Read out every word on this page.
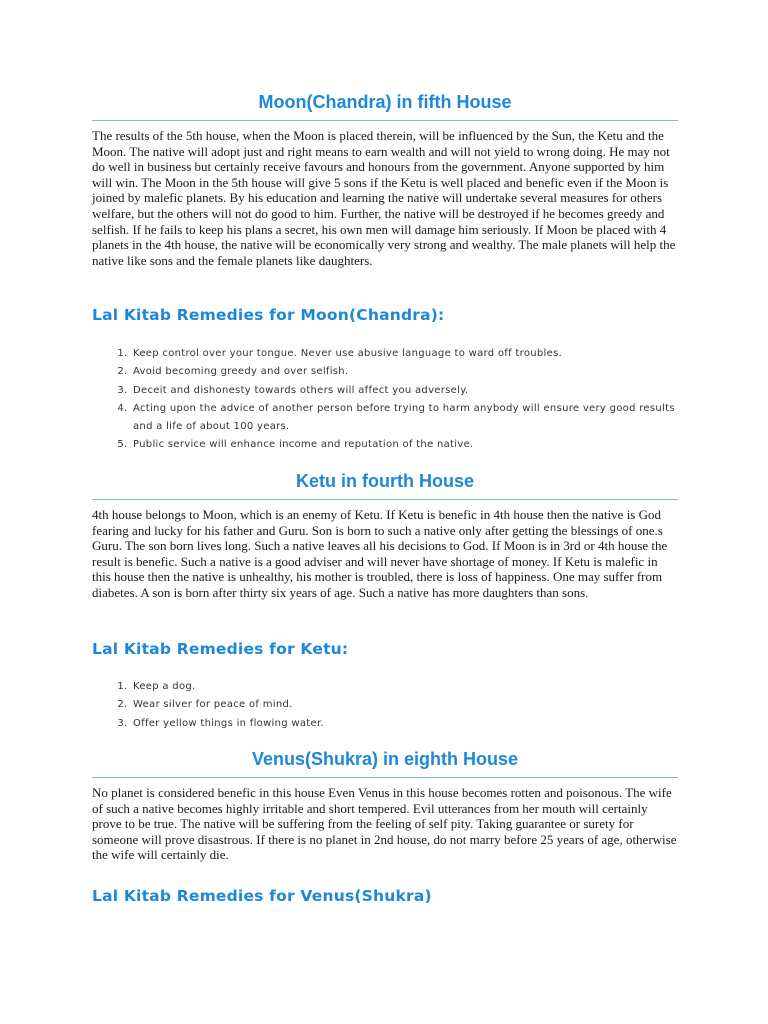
Moon(Chandra) in fifth House

The results of the 5th house, when the Moon is placed therein, will be influenced by the Sun, the Ketu and the Moon. The native will adopt just and right means to earn wealth and will not yield to wrong doing. He may not do well in business but certainly receive favours and honours from the government. Anyone supported by him will win. The Moon in the 5th house will give 5 sons if the Ketu is well placed and benefic even if the Moon is joined by malefic planets. By his education and learning the native will undertake several measures for others welfare, but the others will not do good to him. Further, the native will be destroyed if he becomes greedy and selfish. If he fails to keep his plans a secret, his own men will damage him seriously. If Moon be placed with 4 planets in the 4th house, the native will be economically very strong and wealthy. The male planets will help the native like sons and the female planets like daughters.

Lal Kitab Remedies for Moon(Chandra):
1. Keep control over your tongue. Never use abusive language to ward off troubles.
2. Avoid becoming greedy and over selfish.
3. Deceit and dishonesty towards others will affect you adversely.
4. Acting upon the advice of another person before trying to harm anybody will ensure very good results and a life of about 100 years.
5. Public service will enhance income and reputation of the native.
Ketu in fourth House

4th house belongs to Moon, which is an enemy of Ketu. If Ketu is benefic in 4th house then the native is God fearing and lucky for his father and Guru. Son is born to such a native only after getting the blessings of one.s Guru. The son born lives long. Such a native leaves all his decisions to God. If Moon is in 3rd or 4th house the result is benefic. Such a native is a good adviser and will never have shortage of money. If Ketu is malefic in this house then the native is unhealthy, his mother is troubled, there is loss of happiness. One may suffer from diabetes. A son is born after thirty six years of age. Such a native has more daughters than sons.

Lal Kitab Remedies for Ketu:
1. Keep a dog.
2. Wear silver for peace of mind.
3. Offer yellow things in flowing water.
Venus(Shukra) in eighth House

No planet is considered benefic in this house Even Venus in this house becomes rotten and poisonous. The wife of such a native becomes highly irritable and short tempered. Evil utterances from her mouth will certainly prove to be true. The native will be suffering from the feeling of self pity. Taking guarantee or surety for someone will prove disastrous. If there is no planet in 2nd house, do not marry before 25 years of age, otherwise the wife will certainly die.

Lal Kitab Remedies for Venus(Shukra)
